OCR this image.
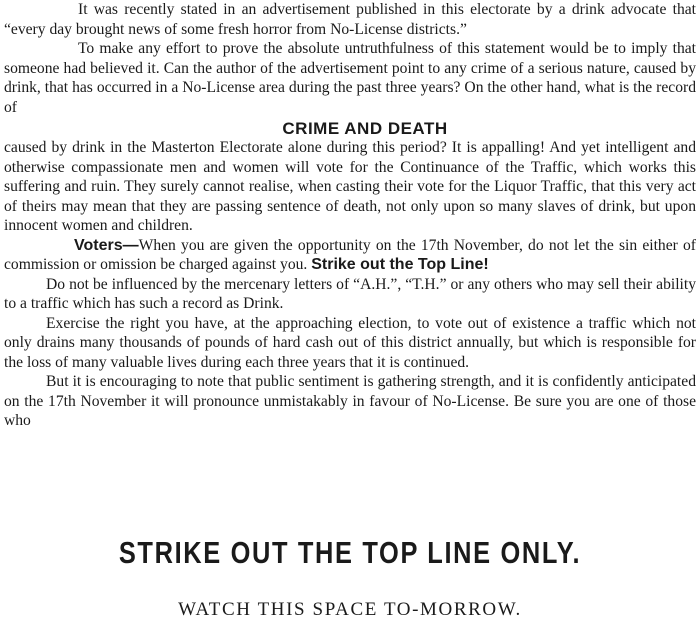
It was recently stated in an advertisement published in this electorate by a drink advocate that “every day brought news of some fresh horror from No-License districts.”

To make any effort to prove the absolute untruthfulness of this statement would be to imply that someone had believed it. Can the author of the advertisement point to any crime of a serious nature, caused by drink, that has occurred in a No-License area during the past three years? On the other hand, what is the record of

CRIME AND DEATH

caused by drink in the Masterton Electorate alone during this period? It is appalling! And yet intelligent and otherwise compassionate men and women will vote for the Continuance of the Traffic, which works this suffering and ruin. They surely cannot realise, when casting their vote for the Liquor Traffic, that this very act of theirs may mean that they are passing sentence of death, not only upon so many slaves of drink, but upon innocent women and children.

Voters—When you are given the opportunity on the 17th November, do not let the sin either of commission or omission be charged against you. Strike out the Top Line!

Do not be influenced by the mercenary letters of “A.H.”, “T.H.” or any others who may sell their ability to a traffic which has such a record as Drink.

Exercise the right you have, at the approaching election, to vote out of existence a traffic which not only drains many thousands of pounds of hard cash out of this district annually, but which is responsible for the loss of many valuable lives during each three years that it is continued.

But it is encouraging to note that public sentiment is gathering strength, and it is confidently anticipated on the 17th November it will pronounce unmistakably in favour of No-License. Be sure you are one of those who

STRIKE OUT THE TOP LINE ONLY.
WATCH THIS SPACE TO-MORROW.
